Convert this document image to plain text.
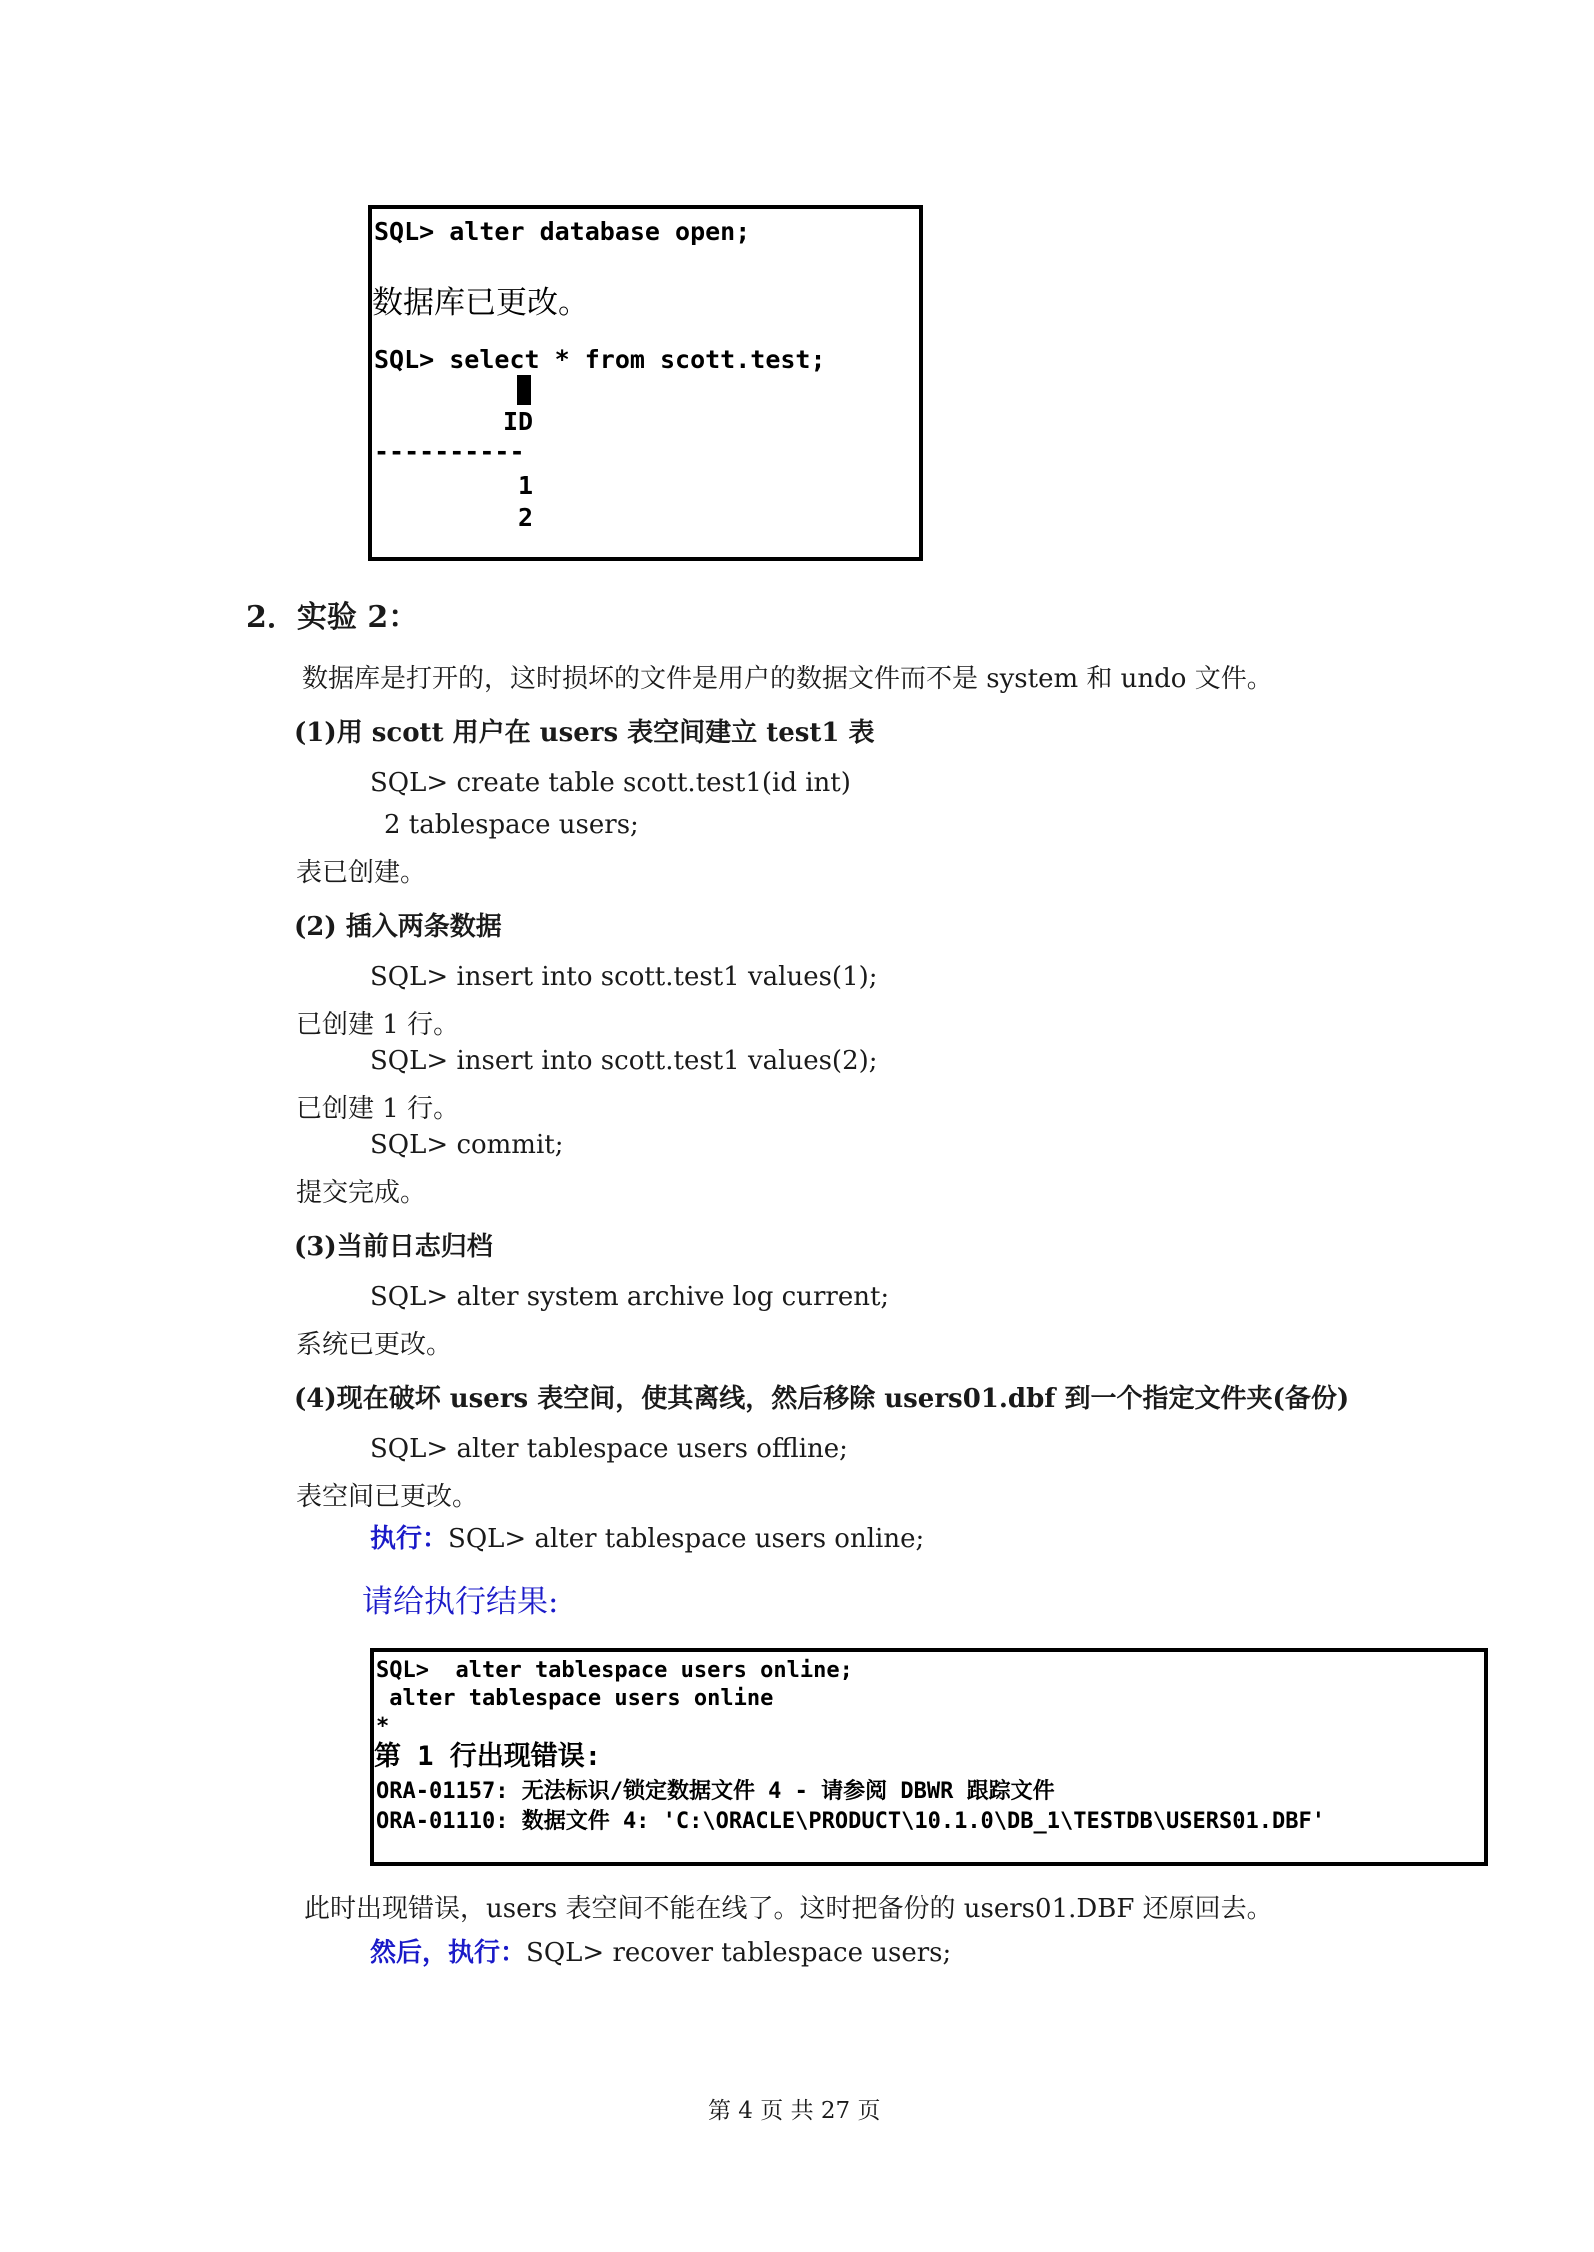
SQL> alter database open;
数据库已更改。
SQL> select * from scott.test;
ID
----------
1
2
2．实验 2：
数据库是打开的，这时损坏的文件是用户的数据文件而不是 system 和 undo 文件。
(1)用 scott 用户在 users 表空间建立 test1 表
SQL> create table scott.test1(id int)
2 tablespace users;
表已创建。
(2) 插入两条数据
SQL> insert into scott.test1 values(1);
已创建 1 行。
SQL> insert into scott.test1 values(2);
已创建 1 行。
SQL> commit;
提交完成。
(3)当前日志归档
SQL> alter system archive log current;
系统已更改。
(4)现在破坏 users 表空间，使其离线，然后移除 users01.dbf 到一个指定文件夹(备份)
SQL> alter tablespace users offline;
表空间已更改。
执行：SQL> alter tablespace users online;
请给执行结果:
SQL>  alter tablespace users online;
alter tablespace users online
*
第 1 行出现错误:
ORA-01157: 无法标识/锁定数据文件 4 - 请参阅 DBWR 跟踪文件
ORA-01110: 数据文件 4: 'C:\ORACLE\PRODUCT\10.1.0\DB_1\TESTDB\USERS01.DBF'
此时出现错误，users 表空间不能在线了。这时把备份的 users01.DBF 还原回去。
然后，执行：SQL> recover tablespace users;
第 4 页 共 27 页
